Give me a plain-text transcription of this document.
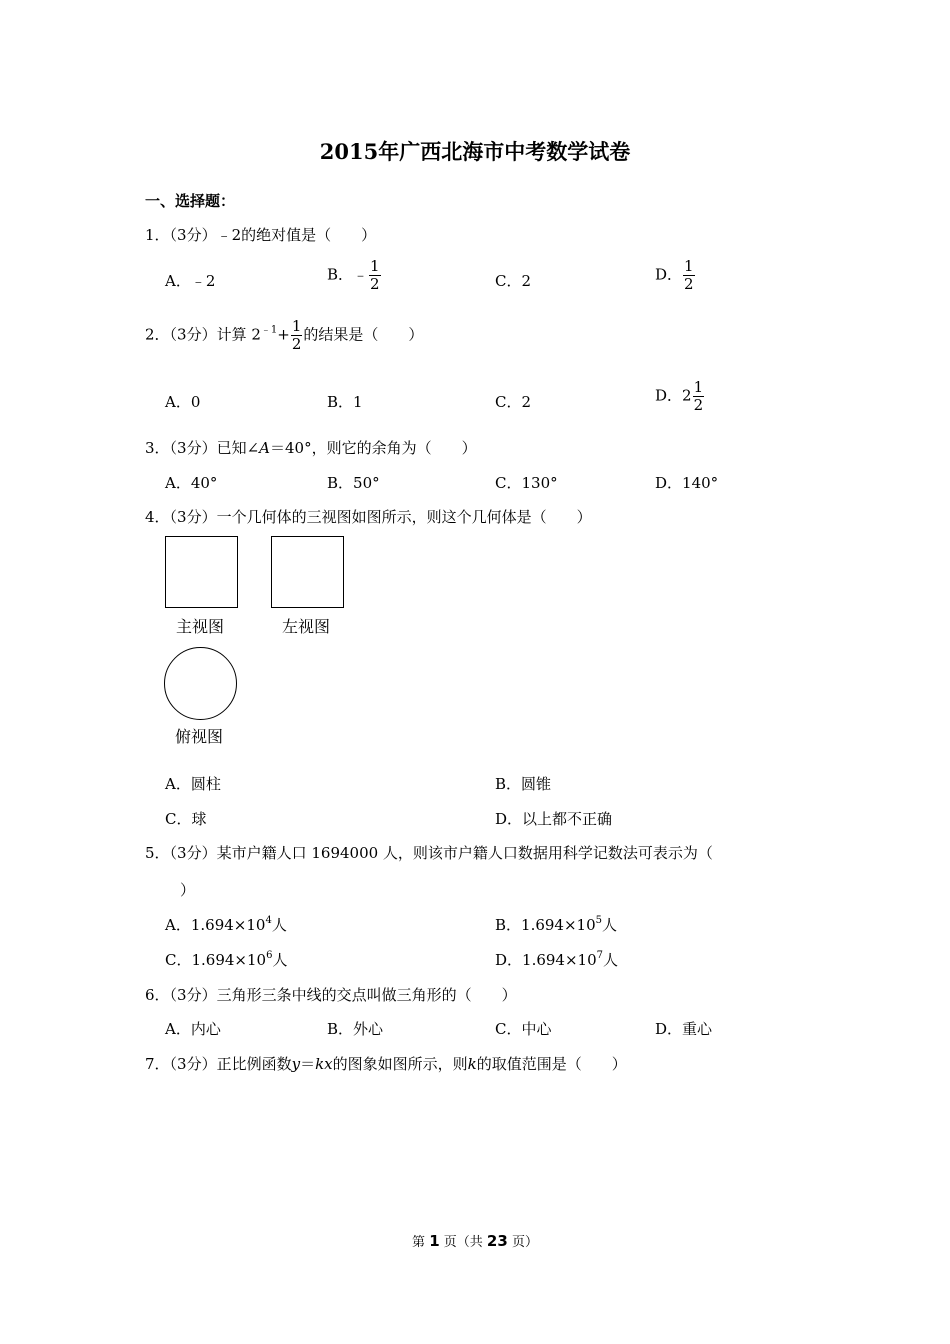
2015年广西北海市中考数学试卷
一、选择题：
1．（3分）﹣2的绝对值是（　　）
A．﹣2	B．﹣ $\frac{1}{2}$	C．2	D． $\frac{1}{2}$
2．（3分）计算 $2^{﹣1}+ \frac{1}{2}$ 的结果是（　　）
A．0	B．1	C．2	D．$2 \frac{1}{2}$
3．（3分）已知∠A＝40°，则它的余角为（　　）
A．40°	B．50°	C．130°	D．140°
4．（3分）一个几何体的三视图如图所示，则这个几何体是（　　）
主视图	左视图
俯视图
A．圆柱	B．圆锥
C．球	D．以上都不正确
5．（3分）某市户籍人口 1694000 人，则该市户籍人口数据用科学记数法可表示为（
）
A．$1.694\times 10^4$人	B．$1.694\times 10^5$人
C．$1.694\times 10^6$人	D．$1.694\times 10^7$人
6．（3分）三角形三条中线的交点叫做三角形的（　　）
A．内心	B．外心	C．中心	D．重心
7．（3分）正比例函数y＝kx的图象如图所示，则k的取值范围是（　　）
第 1 页（共 23 页）
